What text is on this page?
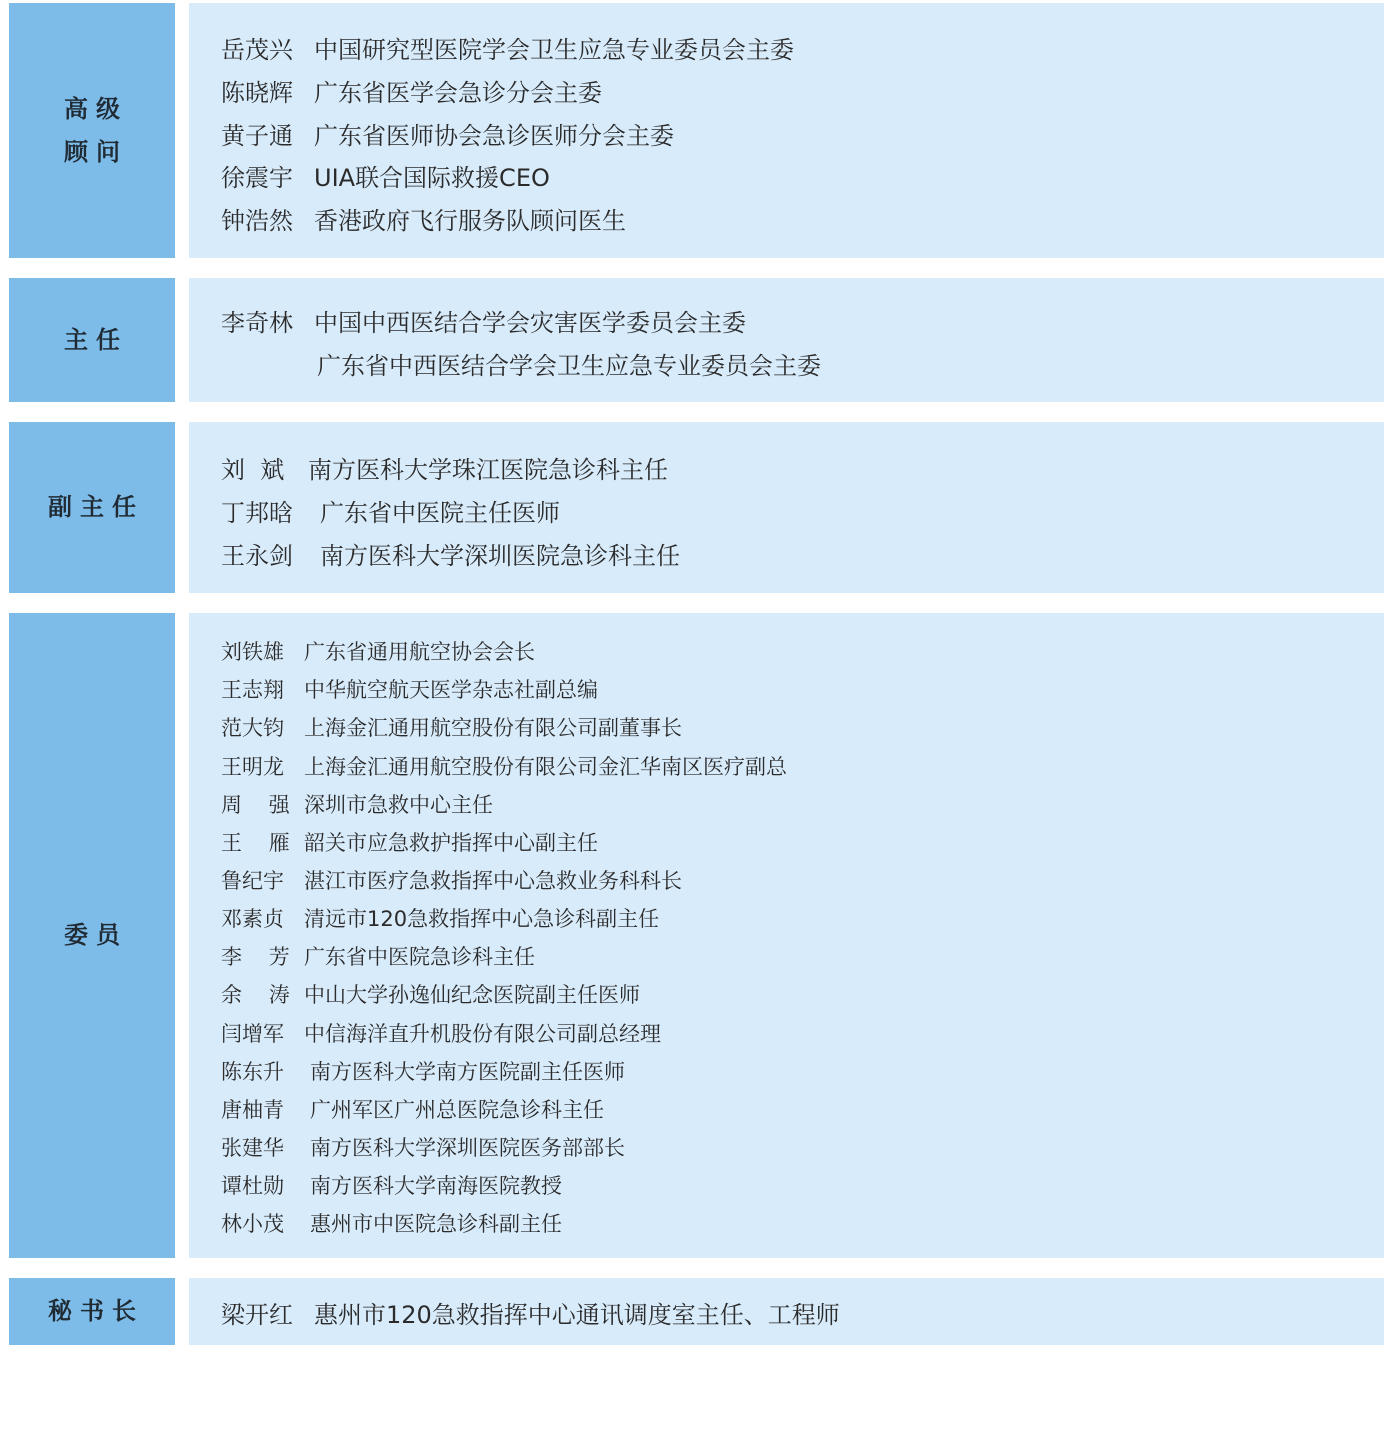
高级
顾问
岳茂兴 中国研究型医院学会卫生应急专业委员会主委
陈晓辉 广东省医学会急诊分会主委
黄子通 广东省医师协会急诊医师分会主委
徐震宇 UIA联合国际救援CEO
钟浩然 香港政府飞行服务队顾问医生
主任
李奇林 中国中西医结合学会灾害医学委员会主委
广东省中西医结合学会卫生应急专业委员会主委
副主任
刘  斌 南方医科大学珠江医院急诊科主任
丁邦晗 广东省中医院主任医师
王永剑 南方医科大学深圳医院急诊科主任
委员
刘铁雄 广东省通用航空协会会长
王志翔 中华航空航天医学杂志社副总编
范大钧 上海金汇通用航空股份有限公司副董事长
王明龙 上海金汇通用航空股份有限公司金汇华南区医疗副总
周    强 深圳市急救中心主任
王    雁 韶关市应急救护指挥中心副主任
鲁纪宇 湛江市医疗急救指挥中心急救业务科科长
邓素贞 清远市120急救指挥中心急诊科副主任
李    芳 广东省中医院急诊科主任
余    涛 中山大学孙逸仙纪念医院副主任医师
闫增军 中信海洋直升机股份有限公司副总经理
陈东升 南方医科大学南方医院副主任医师
唐柚青 广州军区广州总医院急诊科主任
张建华 南方医科大学深圳医院医务部部长
谭杜勋 南方医科大学南海医院教授
林小茂 惠州市中医院急诊科副主任
秘书长	梁开红 惠州市120急救指挥中心通讯调度室主任、工程师
